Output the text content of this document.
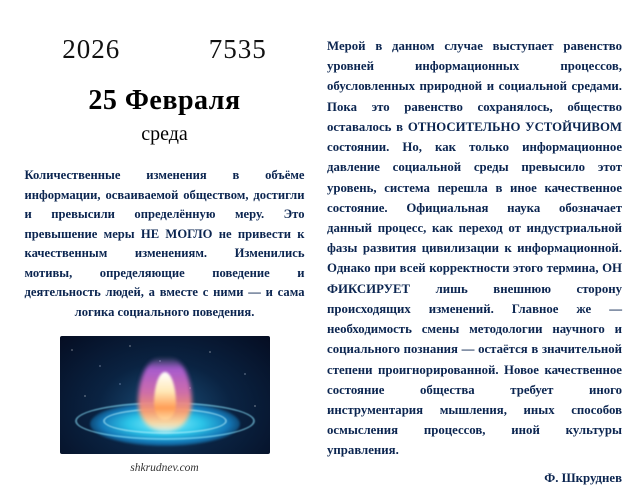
2026	7535
25 Февраля
среда
Количественные изменения в объёме информации, осваиваемой обществом, достигли и превысили определённую меру. Это превышение меры НЕ МОГЛО не привести к качественным изменениям. Изменились мотивы, определяющие поведение и деятельность людей, а вместе с ними — и сама логика социального поведения.
shkrudnev.com
Мерой в данном случае выступает равенство уровней информационных процессов, обусловленных природной и социальной средами. Пока это равенство сохранялось, общество оставалось в ОТНОСИТЕЛЬНО УСТОЙЧИВОМ состоянии. Но, как только информационное давление социальной среды превысило этот уровень, система перешла в иное качественное состояние. Официальная наука обозначает данный процесс, как переход от индустриальной фазы развития цивилизации к информационной. Однако при всей корректности этого термина, ОН ФИКСИРУЕТ лишь внешнюю сторону происходящих изменений. Главное же — необходимость смены методологии научного и социального познания — остаётся в значительной степени проигнорированной. Новое качественное состояние общества требует иного инструментария мышления, иных способов осмысления процессов, иной культуры управления.
Ф. Шкруднев
